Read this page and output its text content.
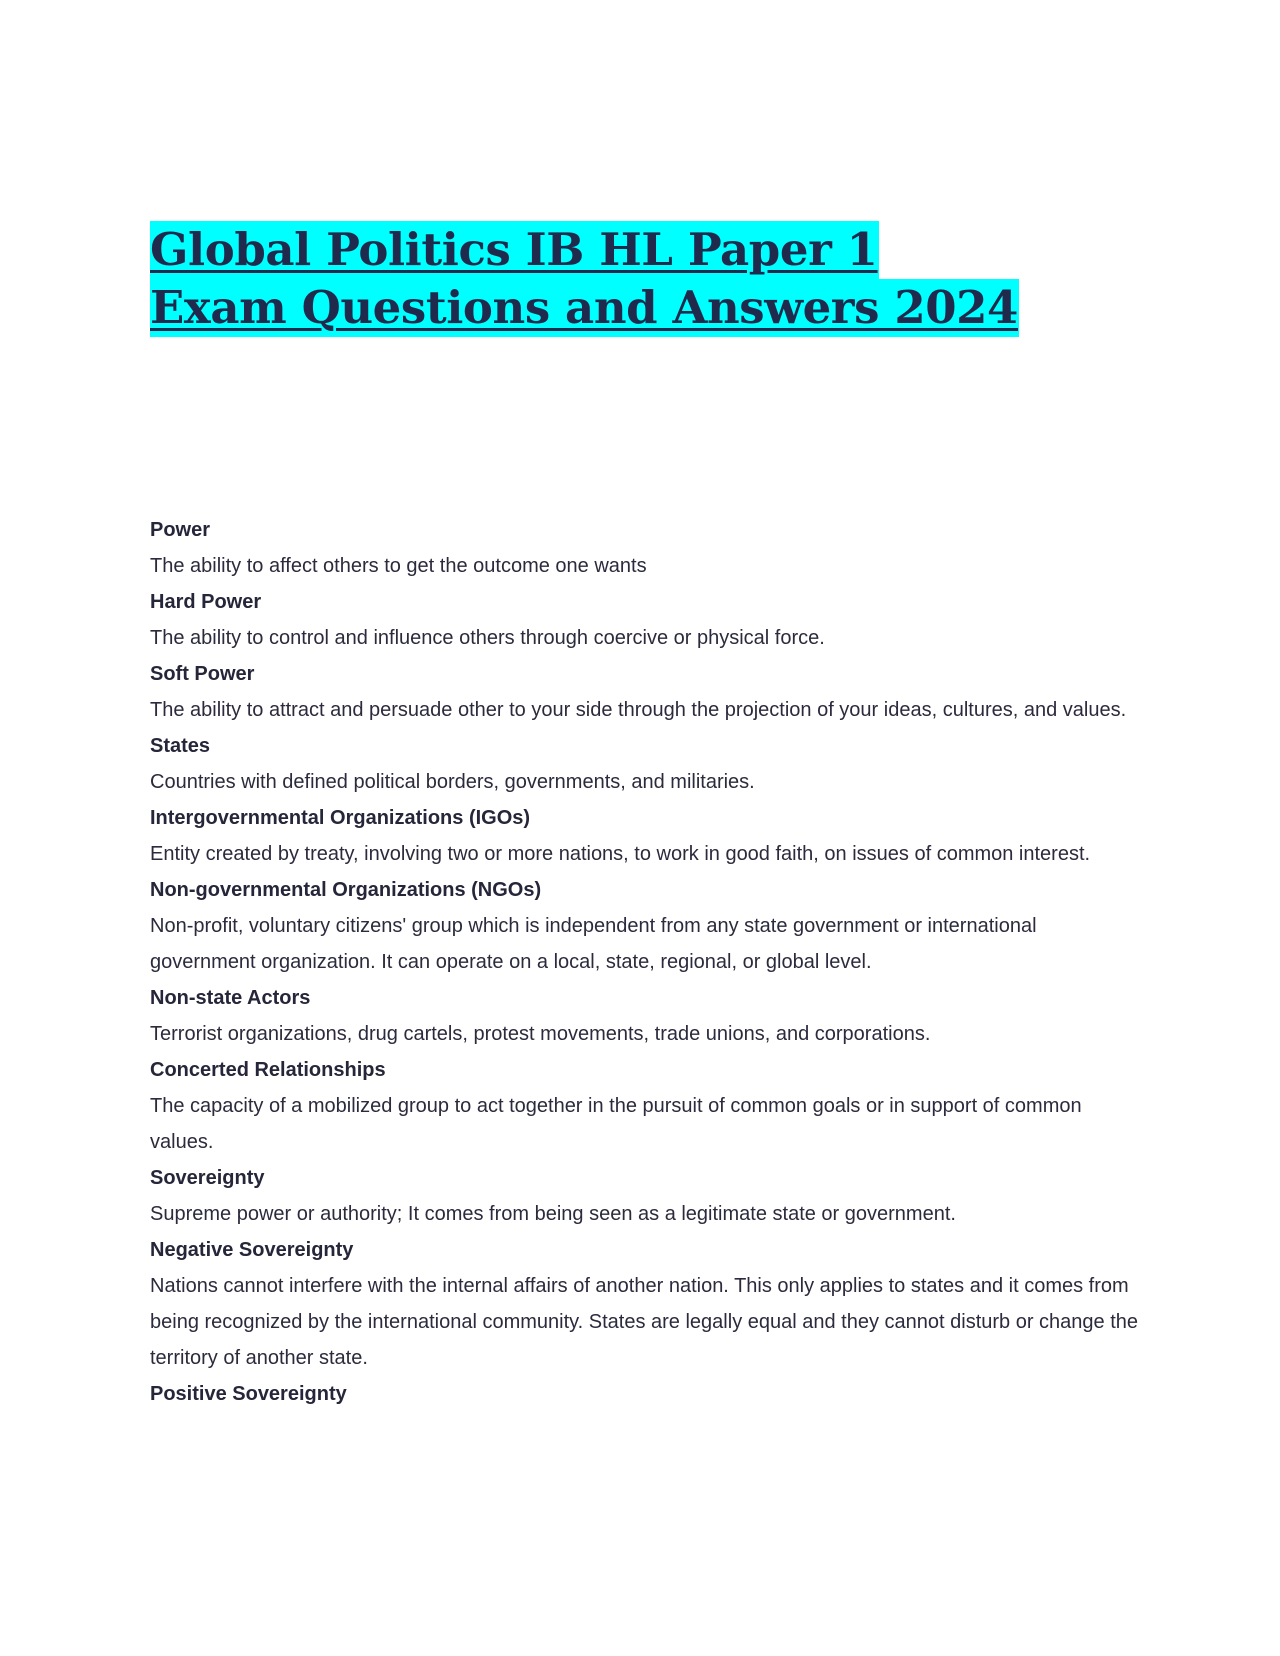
Global Politics IB HL Paper 1
Exam Questions and Answers 2024

Power

The ability to affect others to get the outcome one wants

Hard Power

The ability to control and influence others through coercive or physical force.

Soft Power

The ability to attract and persuade other to your side through the projection of your ideas, cultures, and values.

States

Countries with defined political borders, governments, and militaries.

Intergovernmental Organizations (IGOs)

Entity created by treaty, involving two or more nations, to work in good faith, on issues of common interest.

Non-governmental Organizations (NGOs)

Non-profit, voluntary citizens' group which is independent from any state government or international government organization. It can operate on a local, state, regional, or global level.

Non-state Actors

Terrorist organizations, drug cartels, protest movements, trade unions, and corporations.

Concerted Relationships

The capacity of a mobilized group to act together in the pursuit of common goals or in support of common values.

Sovereignty

Supreme power or authority; It comes from being seen as a legitimate state or government.

Negative Sovereignty

Nations cannot interfere with the internal affairs of another nation. This only applies to states and it comes from being recognized by the international community. States are legally equal and they cannot disturb or change the territory of another state.

Positive Sovereignty
